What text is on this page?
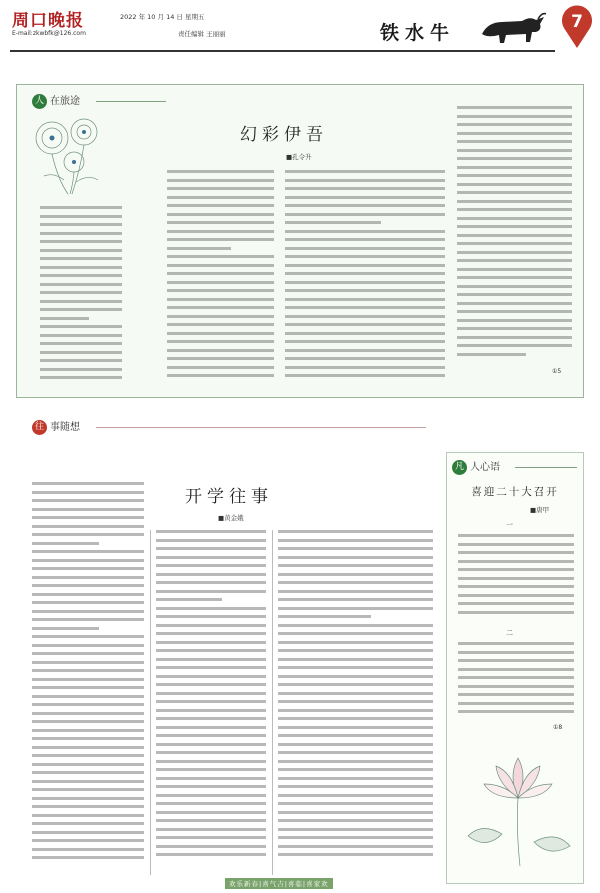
周口晚报
E-mail:zkwbfk@126.com
2022 年 10 月 14 日 星期五
责任编辑 王丽丽	铁水牛	7
人 在旅途
幻彩伊吾
■孔令升
①5
往 事随想
开学往事
■黄金娥
凡 人心语
喜迎二十大召开
■唐甲
一
二
①8
欢乐新春|喜气吉|喜临|喜家欢
